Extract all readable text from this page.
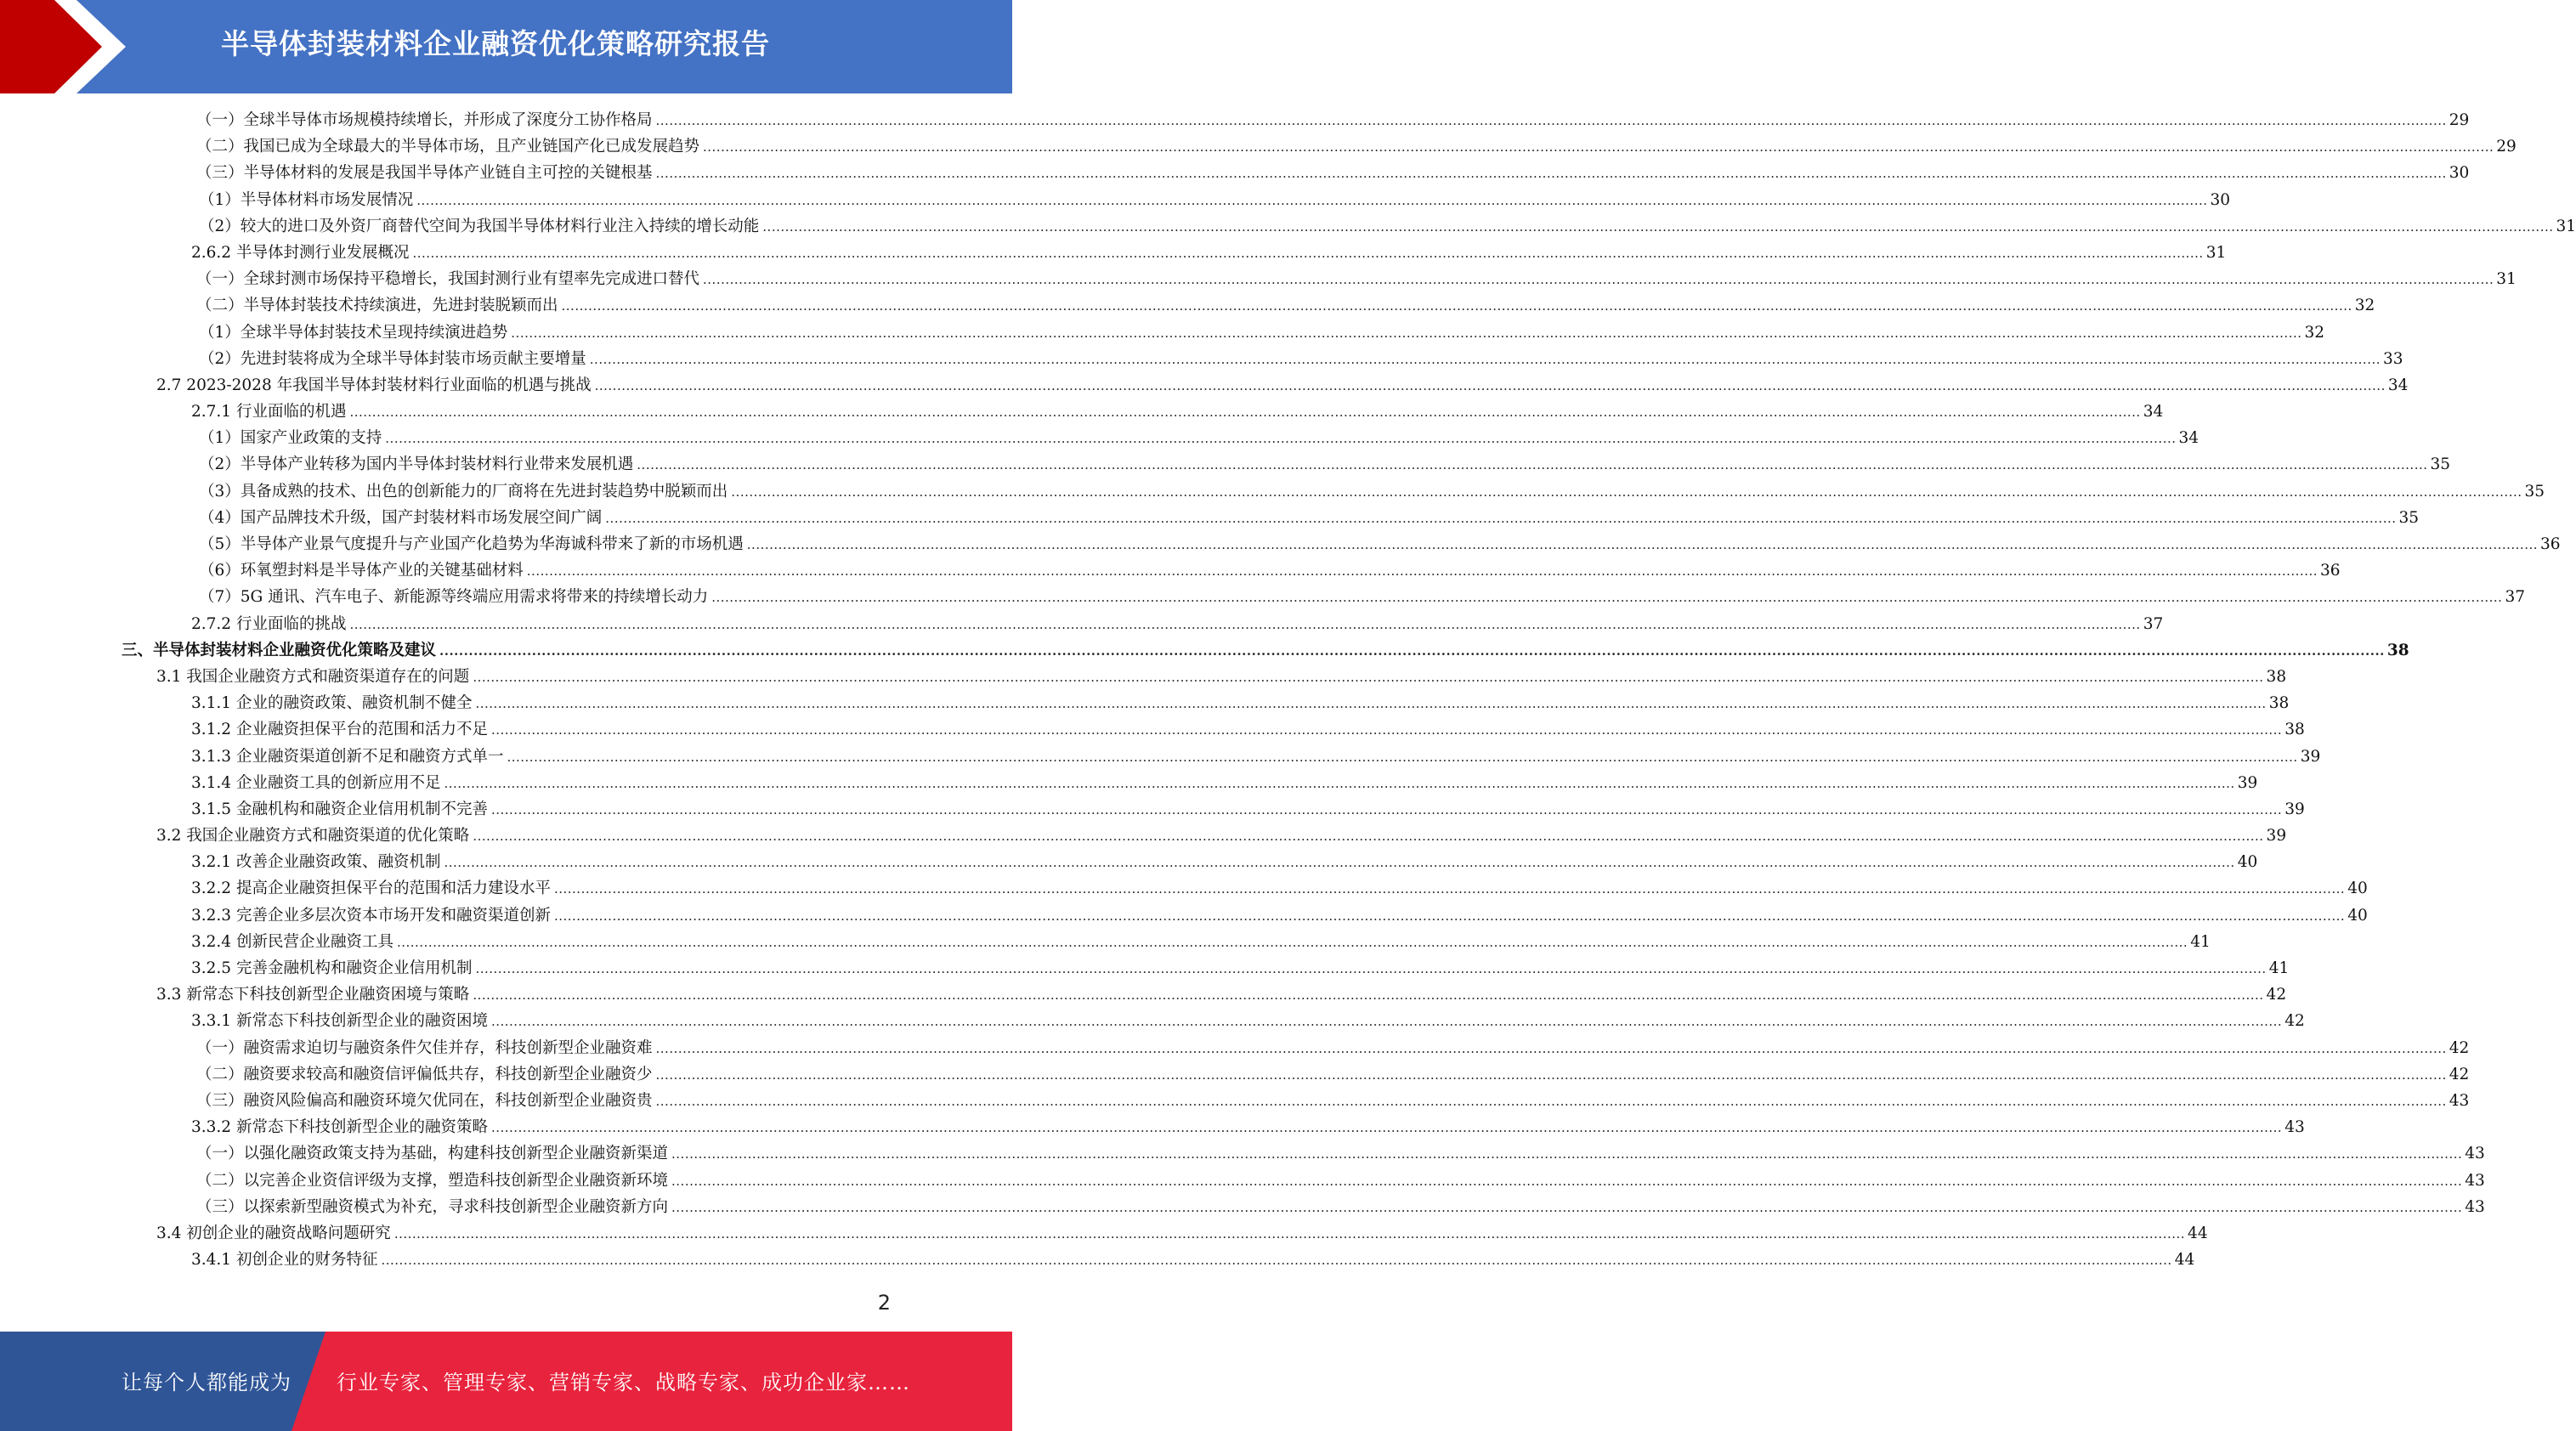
半导体封装材料企业融资优化策略研究报告
（一）全球半导体市场规模持续增长，并形成了深度分工协作格局 ................................................................................................................................................................................................................................................................................................................................................................................................................ 29
（二）我国已成为全球最大的半导体市场，且产业链国产化已成发展趋势 ................................................................................................................................................................................................................................................................................................................................................................................................................ 29
（三）半导体材料的发展是我国半导体产业链自主可控的关键根基 ................................................................................................................................................................................................................................................................................................................................................................................................................ 30
（1）半导体材料市场发展情况 ................................................................................................................................................................................................................................................................................................................................................................................................................ 30
（2）较大的进口及外资厂商替代空间为我国半导体材料行业注入持续的增长动能 ................................................................................................................................................................................................................................................................................................................................................................................................................ 31
2.6.2 半导体封测行业发展概况 ................................................................................................................................................................................................................................................................................................................................................................................................................ 31
（一）全球封测市场保持平稳增长，我国封测行业有望率先完成进口替代 ................................................................................................................................................................................................................................................................................................................................................................................................................ 31
（二）半导体封装技术持续演进，先进封装脱颖而出 ................................................................................................................................................................................................................................................................................................................................................................................................................ 32
（1）全球半导体封装技术呈现持续演进趋势 ................................................................................................................................................................................................................................................................................................................................................................................................................ 32
（2）先进封装将成为全球半导体封装市场贡献主要增量 ................................................................................................................................................................................................................................................................................................................................................................................................................ 33
2.7 2023-2028 年我国半导体封装材料行业面临的机遇与挑战 ................................................................................................................................................................................................................................................................................................................................................................................................................ 34
2.7.1 行业面临的机遇 ................................................................................................................................................................................................................................................................................................................................................................................................................ 34
（1）国家产业政策的支持 ................................................................................................................................................................................................................................................................................................................................................................................................................ 34
（2）半导体产业转移为国内半导体封装材料行业带来发展机遇 ................................................................................................................................................................................................................................................................................................................................................................................................................ 35
（3）具备成熟的技术、出色的创新能力的厂商将在先进封装趋势中脱颖而出 ................................................................................................................................................................................................................................................................................................................................................................................................................ 35
（4）国产品牌技术升级，国产封装材料市场发展空间广阔 ................................................................................................................................................................................................................................................................................................................................................................................................................ 35
（5）半导体产业景气度提升与产业国产化趋势为华海诚科带来了新的市场机遇 ................................................................................................................................................................................................................................................................................................................................................................................................................ 36
（6）环氧塑封料是半导体产业的关键基础材料 ................................................................................................................................................................................................................................................................................................................................................................................................................ 36
（7）5G 通讯、汽车电子、新能源等终端应用需求将带来的持续增长动力 ................................................................................................................................................................................................................................................................................................................................................................................................................ 37
2.7.2 行业面临的挑战 ................................................................................................................................................................................................................................................................................................................................................................................................................ 37
三、半导体封装材料企业融资优化策略及建议 ................................................................................................................................................................................................................................................................................................................................................................................................................ 38
3.1 我国企业融资方式和融资渠道存在的问题 ................................................................................................................................................................................................................................................................................................................................................................................................................ 38
3.1.1 企业的融资政策、融资机制不健全 ................................................................................................................................................................................................................................................................................................................................................................................................................ 38
3.1.2 企业融资担保平台的范围和活力不足 ................................................................................................................................................................................................................................................................................................................................................................................................................ 38
3.1.3 企业融资渠道创新不足和融资方式单一 ................................................................................................................................................................................................................................................................................................................................................................................................................ 39
3.1.4 企业融资工具的创新应用不足 ................................................................................................................................................................................................................................................................................................................................................................................................................ 39
3.1.5 金融机构和融资企业信用机制不完善 ................................................................................................................................................................................................................................................................................................................................................................................................................ 39
3.2 我国企业融资方式和融资渠道的优化策略 ................................................................................................................................................................................................................................................................................................................................................................................................................ 39
3.2.1 改善企业融资政策、融资机制 ................................................................................................................................................................................................................................................................................................................................................................................................................ 40
3.2.2 提高企业融资担保平台的范围和活力建设水平 ................................................................................................................................................................................................................................................................................................................................................................................................................ 40
3.2.3 完善企业多层次资本市场开发和融资渠道创新 ................................................................................................................................................................................................................................................................................................................................................................................................................ 40
3.2.4 创新民营企业融资工具 ................................................................................................................................................................................................................................................................................................................................................................................................................ 41
3.2.5 完善金融机构和融资企业信用机制 ................................................................................................................................................................................................................................................................................................................................................................................................................ 41
3.3 新常态下科技创新型企业融资困境与策略 ................................................................................................................................................................................................................................................................................................................................................................................................................ 42
3.3.1 新常态下科技创新型企业的融资困境 ................................................................................................................................................................................................................................................................................................................................................................................................................ 42
（一）融资需求迫切与融资条件欠佳并存，科技创新型企业融资难 ................................................................................................................................................................................................................................................................................................................................................................................................................ 42
（二）融资要求较高和融资信评偏低共存，科技创新型企业融资少 ................................................................................................................................................................................................................................................................................................................................................................................................................ 42
（三）融资风险偏高和融资环境欠优同在，科技创新型企业融资贵 ................................................................................................................................................................................................................................................................................................................................................................................................................ 43
3.3.2 新常态下科技创新型企业的融资策略 ................................................................................................................................................................................................................................................................................................................................................................................................................ 43
（一）以强化融资政策支持为基础，构建科技创新型企业融资新渠道 ................................................................................................................................................................................................................................................................................................................................................................................................................ 43
（二）以完善企业资信评级为支撑，塑造科技创新型企业融资新环境 ................................................................................................................................................................................................................................................................................................................................................................................................................ 43
（三）以探索新型融资模式为补充，寻求科技创新型企业融资新方向 ................................................................................................................................................................................................................................................................................................................................................................................................................ 43
3.4 初创企业的融资战略问题研究 ................................................................................................................................................................................................................................................................................................................................................................................................................ 44
3.4.1 初创企业的财务特征 ................................................................................................................................................................................................................................................................................................................................................................................................................ 44
2
让每个人都能成为 行业专家、管理专家、营销专家、战略专家、成功企业家……
